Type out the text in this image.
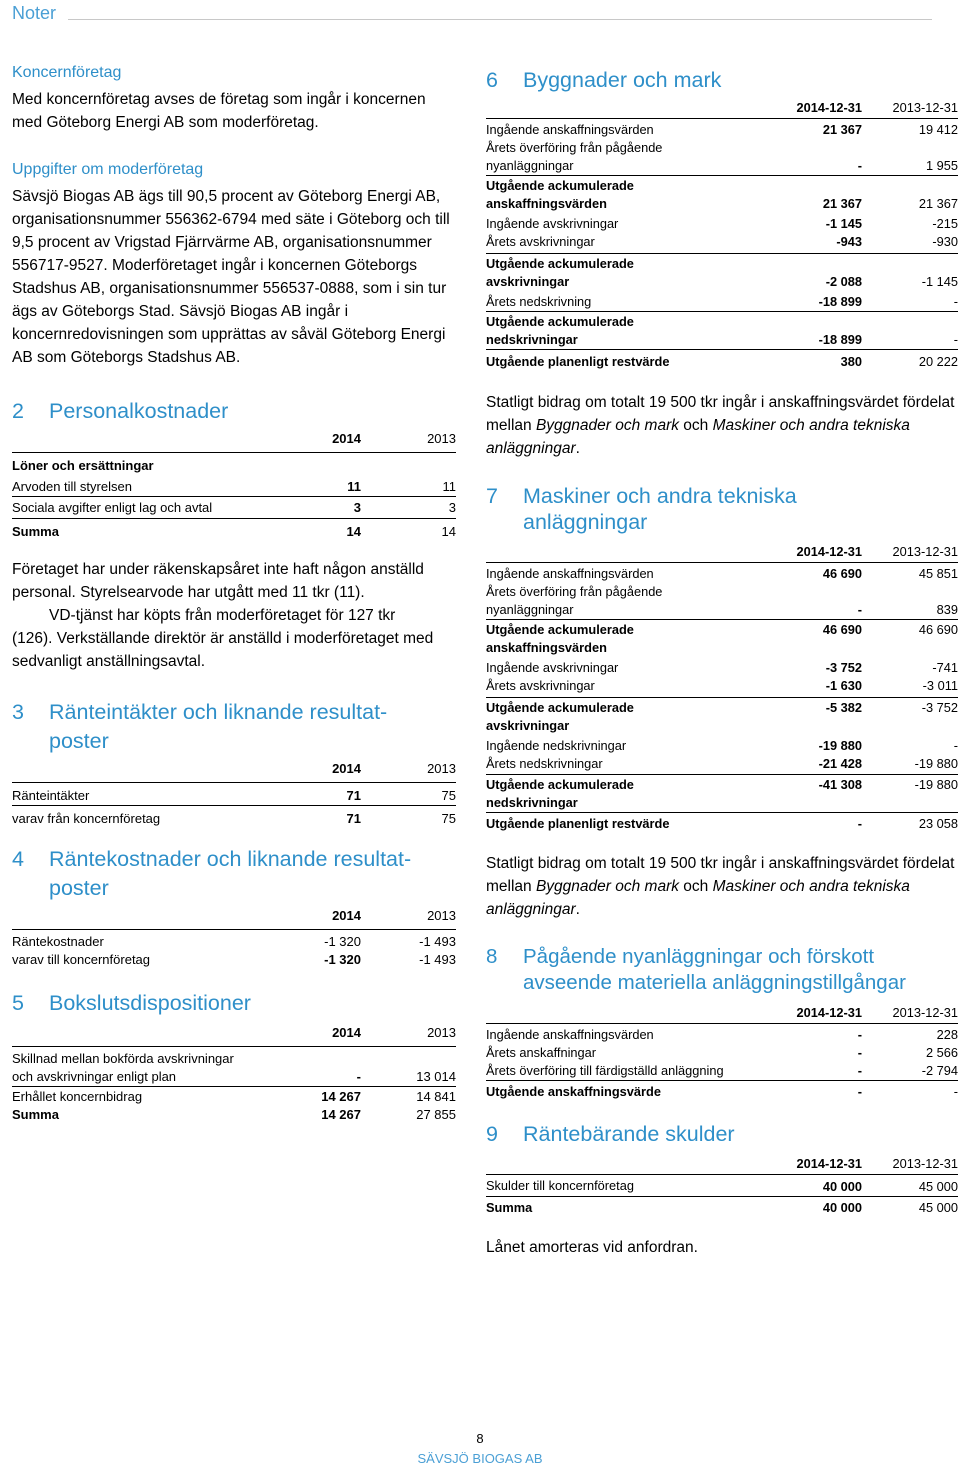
Noter

Koncernföretag

Med koncernföretag avses de företag som ingår i koncernen med Göteborg Energi AB som moderföretag.

Uppgifter om moderföretag

Sävsjö Biogas AB ägs till 90,5 procent av Göteborg Energi AB, organisationsnummer 556362-6794 med säte i Göteborg och till 9,5 procent av Vrigstad Fjärrvärme AB, organisationsnummer 556717-9527. Moderföretaget ingår i koncernen Göteborgs Stadshus AB, organisationsnummer 556537-0888, som i sin tur ägs av Göteborgs Stad. Sävsjö Biogas AB ingår i koncernredovisningen som upprättas av såväl Göteborg Energi AB som Göteborgs Stadshus AB.

2 Personalkostnader
	2014	2013
Löner och ersättningar		
Arvoden till styrelsen	11	11
Sociala avgifter enligt lag och avtal	3	3
Summa	14	14

Företaget har under räkenskapsåret inte haft någon anställd personal. Styrelsearvode har utgått med 11 tkr (11).

VD-tjänst har köpts från moderföretaget för 127 tkr

(126). Verkställande direktör är anställd i moderföretaget med sedvanligt anställningsavtal.

3 Ränteintäkter och liknande resultat-
poster
	2014	2013
Ränteintäkter	71	75
varav från koncernföretag	71	75
4 Räntekostnader och liknande resultat-
poster
	2014	2013
Räntekostnader	-1 320	-1 493
varav till koncernföretag	-1 320	-1 493
5 Bokslutsdispositioner
	2014	2013
Skillnad mellan bokförda avskrivningar		
och avskrivningar enligt plan	-	13 014
Erhållet koncernbidrag	14 267	14 841
Summa	14 267	27 855
6 Byggnader och mark
	2014-12-31	2013-12-31
Ingående anskaffningsvärden	21 367	19 412
Årets överföring från pågående		
nyanläggningar	-	1 955
Utgående ackumulerade		
anskaffningsvärden	21 367	21 367
Ingående avskrivningar	-1 145	-215
Årets avskrivningar	-943	-930
Utgående ackumulerade		
avskrivningar	-2 088	-1 145
Årets nedskrivning	-18 899	-
Utgående ackumulerade		
nedskrivningar	-18 899	-
Utgående planenligt restvärde	380	20 222

Statligt bidrag om totalt 19 500 tkr ingår i anskaffningsvärdet fördelat mellan Byggnader och mark och Maskiner och andra tekniska anläggningar.

7 Maskiner och andra tekniska
anläggningar
	2014-12-31	2013-12-31
Ingående anskaffningsvärden	46 690	45 851
Årets överföring från pågående		
nyanläggningar	-	839
Utgående ackumulerade	46 690	46 690
anskaffningsvärden		
Ingående avskrivningar	-3 752	-741
Årets avskrivningar	-1 630	-3 011
Utgående ackumulerade	-5 382	-3 752
avskrivningar		
Ingående nedskrivningar	-19 880	-
Årets nedskrivningar	-21 428	-19 880
Utgående ackumulerade	-41 308	-19 880
nedskrivningar		
Utgående planenligt restvärde	-	23 058

Statligt bidrag om totalt 19 500 tkr ingår i anskaffningsvärdet fördelat mellan Byggnader och mark och Maskiner och andra tekniska anläggningar.

8 Pågående nyanläggningar och förskott
avseende materiella anläggningstillgångar
	2014-12-31	2013-12-31
Ingående anskaffningsvärden	-	228
Årets anskaffningar	-	2 566
Årets överföring till färdigställd anläggning	-	-2 794
Utgående anskaffningsvärde	-	-
9 Räntebärande skulder
	2014-12-31	2013-12-31
Skulder till koncernföretag	40 000	45 000
Summa	40 000	45 000

Lånet amorteras vid anfordran.

8
SÄVSJÖ BIOGAS AB
